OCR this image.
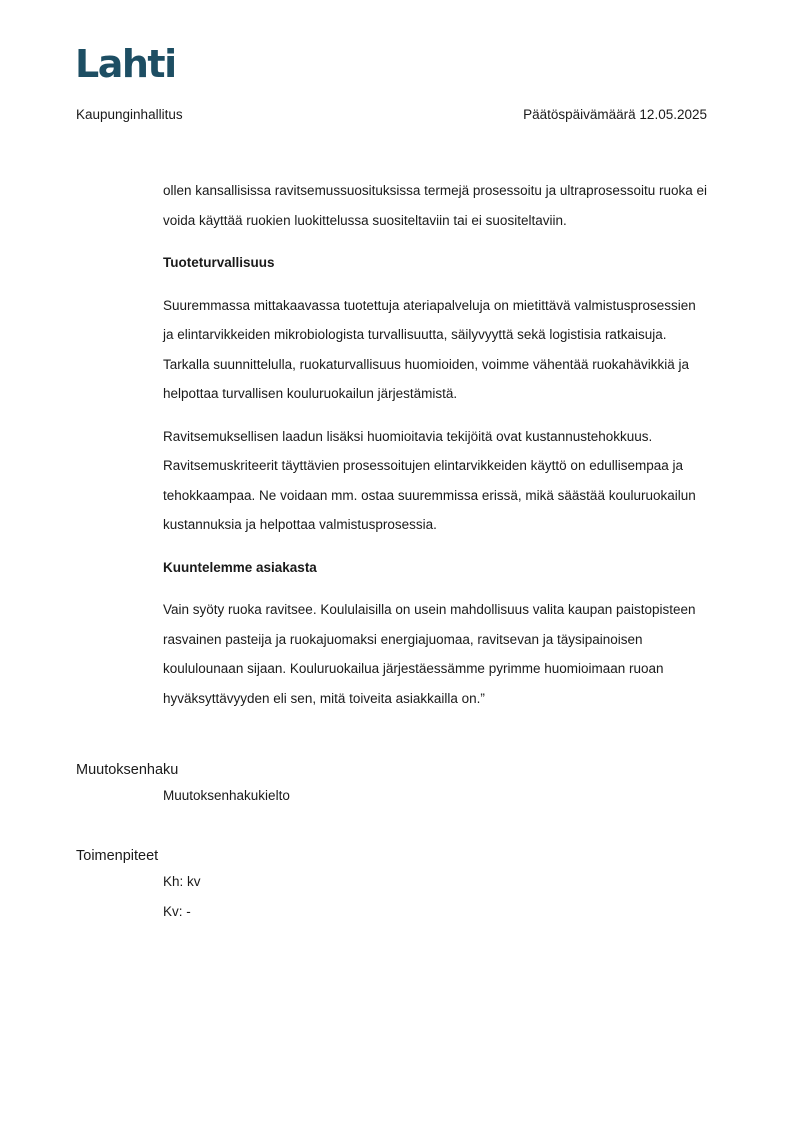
Lahti
Kaupunginhallitus	Päätöspäivämäärä 12.05.2025

ollen kansallisissa ravitsemussuosituksissa termejä prosessoitu ja ultraprosessoitu ruoka ei voida käyttää ruokien luokittelussa suositeltaviin tai ei suositeltaviin.

Tuoteturvallisuus

Suuremmassa mittakaavassa tuotettuja ateriapalveluja on mietittävä valmistusprosessien ja elintarvikkeiden mikrobiologista turvallisuutta, säilyvyyttä sekä logistisia ratkaisuja. Tarkalla suunnittelulla, ruokaturvallisuus huomioiden, voimme vähentää ruokahävikkiä ja helpottaa turvallisen kouluruokailun järjestämistä.

Ravitsemuksellisen laadun lisäksi huomioitavia tekijöitä ovat kustannustehokkuus. Ravitsemuskriteerit täyttävien prosessoitujen elintarvikkeiden käyttö on edullisempaa ja tehokkaampaa. Ne voidaan mm. ostaa suuremmissa erissä, mikä säästää kouluruokailun kustannuksia ja helpottaa valmistusprosessia.

Kuuntelemme asiakasta

Vain syöty ruoka ravitsee. Koululaisilla on usein mahdollisuus valita kaupan paistopisteen rasvainen pasteija ja ruokajuomaksi energiajuomaa, ravitsevan ja täysipainoisen koululounaan sijaan. Kouluruokailua järjestäessämme pyrimme huomioimaan ruoan hyväksyttävyyden eli sen, mitä toiveita asiakkailla on.”

Muutoksenhaku
Muutoksenhakukielto
Toimenpiteet
Kh: kv
Kv: -
